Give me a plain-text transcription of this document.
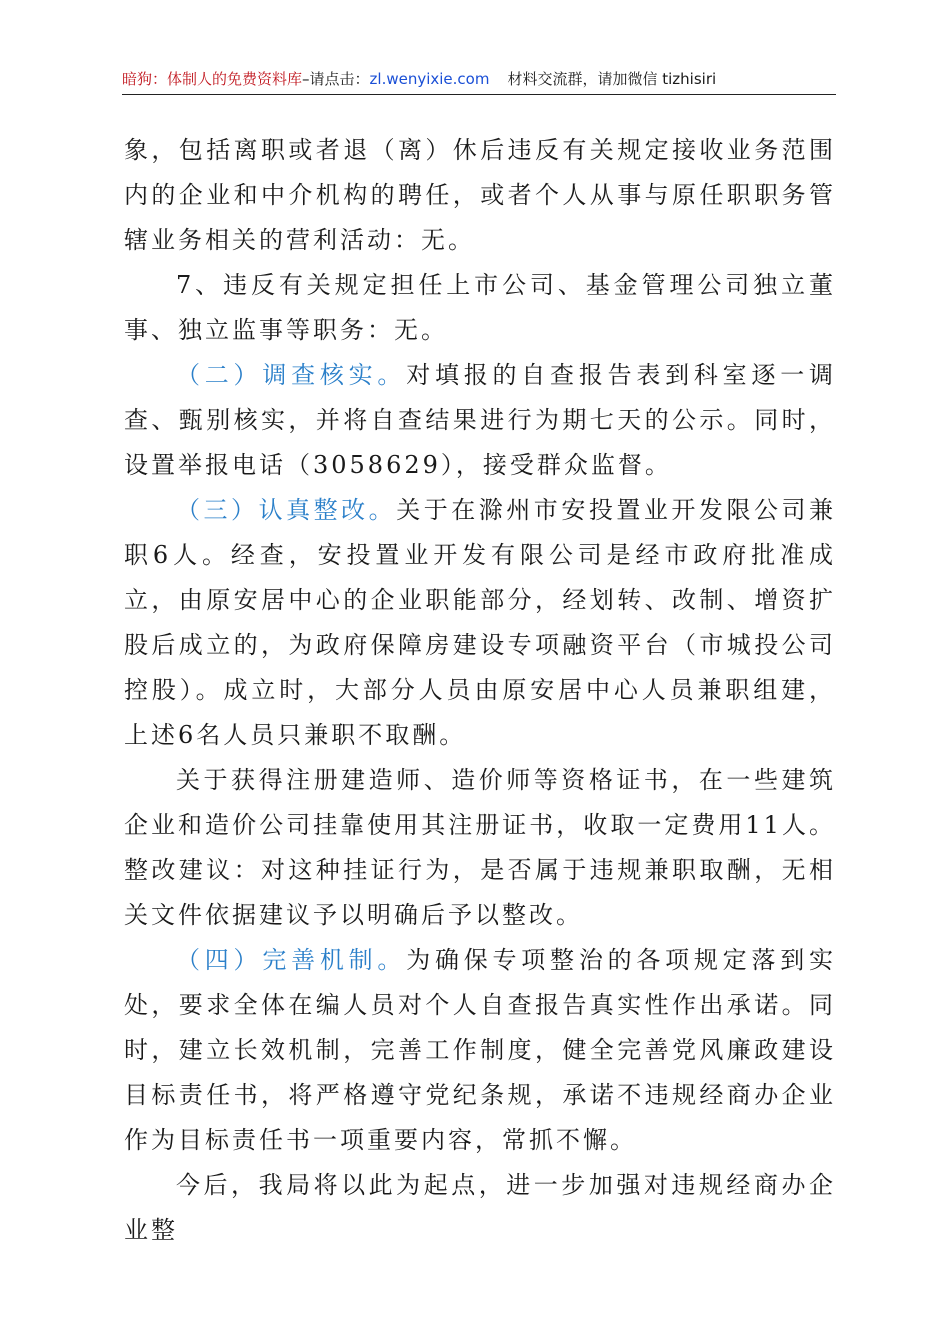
暗狗：体制人的免费资料库–请点击：zl.wenyixie.com 材料交流群，请加微信 tizhisiri

象，包括离职或者退（离）休后违反有关规定接收业务范围内的企业和中介机构的聘任，或者个人从事与原任职职务管辖业务相关的营利活动：无。

7、违反有关规定担任上市公司、基金管理公司独立董事、独立监事等职务：无。

（二）调查核实。对填报的自查报告表到科室逐一调查、甄别核实，并将自查结果进行为期七天的公示。同时，设置举报电话（3058629），接受群众监督。

（三）认真整改。关于在滁州市安投置业开发限公司兼职6人。经查，安投置业开发有限公司是经市政府批准成立，由原安居中心的企业职能部分，经划转、改制、增资扩股后成立的，为政府保障房建设专项融资平台（市城投公司控股）。成立时，大部分人员由原安居中心人员兼职组建，上述6名人员只兼职不取酬。

关于获得注册建造师、造价师等资格证书，在一些建筑企业和造价公司挂靠使用其注册证书，收取一定费用11人。整改建议：对这种挂证行为，是否属于违规兼职取酬，无相关文件依据建议予以明确后予以整改。

（四）完善机制。为确保专项整治的各项规定落到实处，要求全体在编人员对个人自查报告真实性作出承诺。同时，建立长效机制，完善工作制度，健全完善党风廉政建设目标责任书，将严格遵守党纪条规，承诺不违规经商办企业作为目标责任书一项重要内容，常抓不懈。

今后，我局将以此为起点，进一步加强对违规经商办企业整
